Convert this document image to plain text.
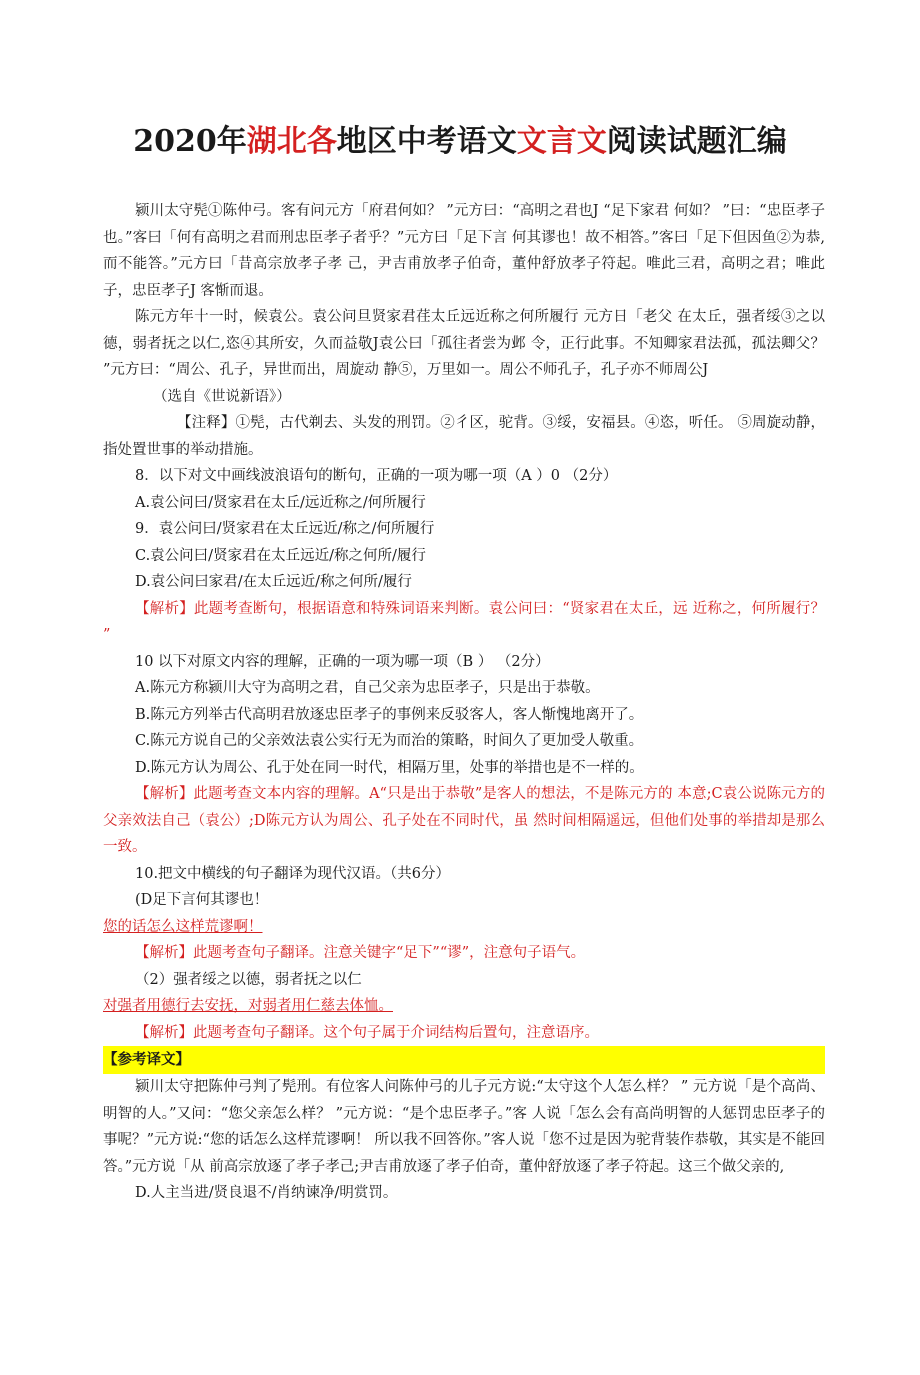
2020年湖北各地区中考语文文言文阅读试题汇编

颍川太守髡①陈仲弓。客有问元方「府君何如？ ”元方曰：“高明之君也J “足下家君 何如？ ”曰：“忠臣孝子也。”客曰「何有高明之君而刑忠臣孝子者乎？”元方曰「足下言 何其谬也！故不相答。”客曰「足下但因鱼②为恭,而不能答。”元方曰「昔高宗放孝子孝 己，尹吉甫放孝子伯奇，董仲舒放孝子符起。唯此三君，高明之君；唯此子，忠臣孝子J 客惭而退。

陈元方年十一时，候袁公。袁公问旦贤家君荏太丘远近称之何所履行 元方日「老父 在太丘，强者绥③之以德，弱者抚之以仁,恣④其所安，久而益敬J袁公曰「孤往者尝为邺 令，正行此事。不知卿家君法孤，孤法卿父？ ”元方曰：“周公、孔子，异世而出，周旋动 静⑤，万里如一。周公不师孔子，孔子亦不师周公J

（选自《世说新语》）

【注释】①髡，古代剃去、头发的刑罚。②彳区，驼背。③绥，安福县。④恣，听任。 ⑤周旋动静，指处置世事的举动措施。

8．以下对文中画线波浪语句的断句，正确的一项为哪一项（A ）0 （2分）

A.袁公问曰/贤家君在太丘/远近称之/何所履行

9．袁公问曰/贤家君在太丘远近/称之/何所履行

C.袁公问曰/贤家君在太丘远近/称之何所/履行

D.袁公问曰家君/在太丘远近/称之何所/履行

【解析】此题考查断句，根据语意和特殊词语来判断。袁公问曰：“贤家君在太丘，远 近称之，何所履行？ ”

10 以下对原文内容的理解，正确的一项为哪一项（B ） （2分）

A.陈元方称颍川大守为高明之君，自己父亲为忠臣孝子，只是出于恭敬。

B.陈元方列举古代高明君放逐忠臣孝子的事例来反驳客人，客人惭愧地离开了。

C.陈元方说自己的父亲效法袁公实行无为而治的策略，时间久了更加受人敬重。

D.陈元方认为周公、孔于处在同一时代，相隔万里，处事的举措也是不一样的。

【解析】此题考查文本内容的理解。A“只是出于恭敬”是客人的想法，不是陈元方的 本意;C袁公说陈元方的父亲效法自己（袁公）;D陈元方认为周公、孔子处在不同时代，虽 然时间相隔遥远，但他们处事的举措却是那么一致。

10.把文中横线的句子翻译为现代汉语。（共6分）

(D足下言何其谬也！

您的话怎么这样荒谬啊！

【解析】此题考查句子翻译。注意关键字“足下”“谬”，注意句子语气。

（2）强者绥之以德，弱者抚之以仁

对强者用德行去安抚，对弱者用仁慈去体恤。

【解析】此题考查句子翻译。这个句子属于介词结构后置句，注意语序。

【参考译文】

颍川太守把陈仲弓判了髡刑。有位客人问陈仲弓的儿子元方说:“太守这个人怎么样？ ” 元方说「是个高尚、明智的人。”又问：“您父亲怎么样？ ”元方说：“是个忠臣孝子。”客 人说「怎么会有高尚明智的人惩罚忠臣孝子的事呢？”元方说:“您的话怎么这样荒谬啊！ 所以我不回答你。”客人说「您不过是因为驼背装作恭敬，其实是不能回答。”元方说「从 前高宗放逐了孝子孝己;尹吉甫放逐了孝子伯奇，董仲舒放逐了孝子符起。这三个做父亲的,

D.人主当进/贤良退不/肖纳谏净/明赏罚。
